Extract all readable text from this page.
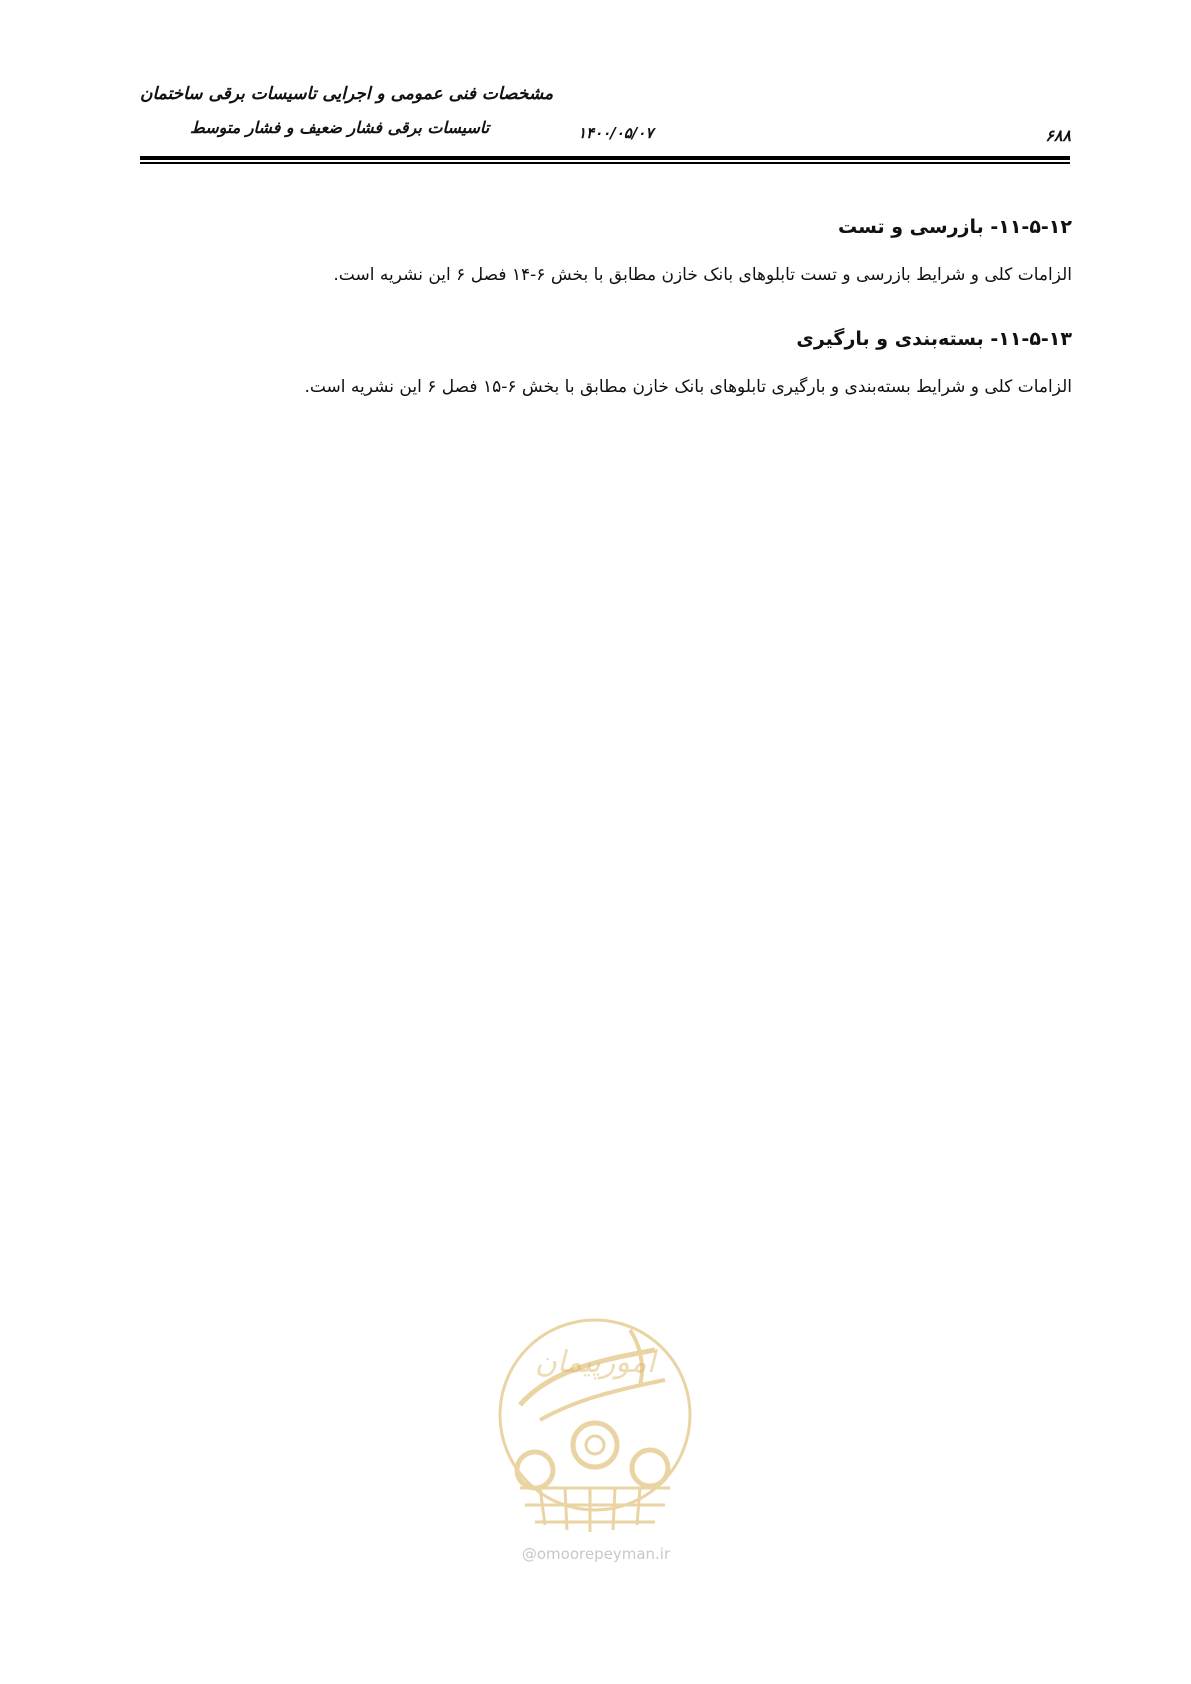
مشخصات فنی عمومی و اجرایی تاسیسات برقی ساختمان
تاسیسات برقی فشار ضعیف و فشار متوسط	۱۴۰۰/۰۵/۰۷	۶۸۸
۱۱-۵-۱۲- بازرسی و تست
الزامات کلی و شرایط بازرسی و تست تابلوهای بانک خازن مطابق با بخش ۶-۱۴ فصل ۶ این نشریه است.
۱۱-۵-۱۳- بسته‌بندی و بارگیری
الزامات کلی و شرایط بسته‌بندی و بارگیری تابلوهای بانک خازن مطابق با بخش ۶-۱۵ فصل ۶ این نشریه است.
امورپیمان
@omoorepeyman.ir
